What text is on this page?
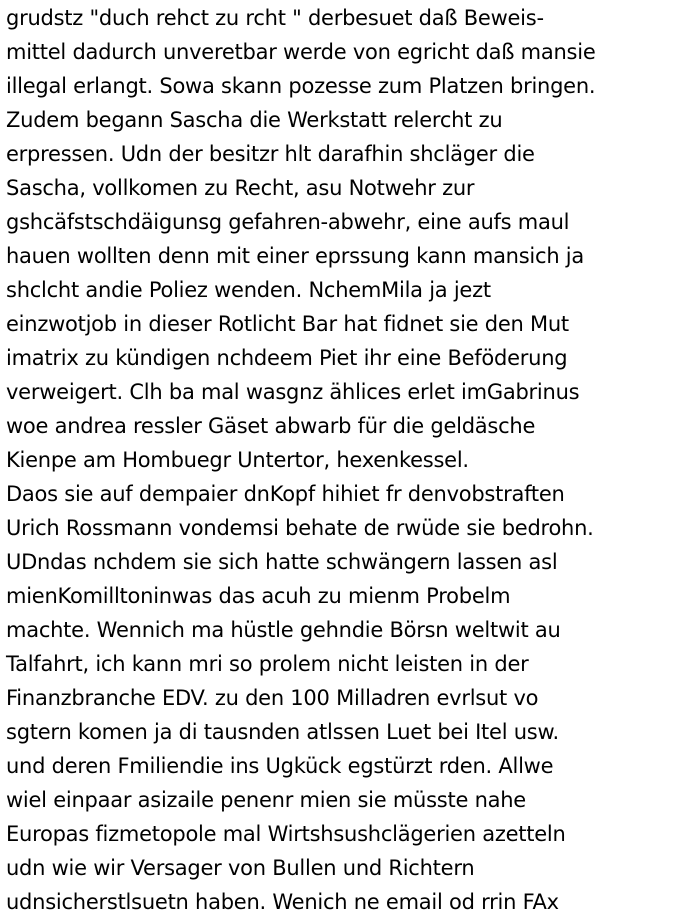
grudstz "duch rehct zu rcht " derbesuet daß Beweis-
mittel dadurch unveretbar werde von egricht daß mansie
illegal erlangt. Sowa skann pozesse zum Platzen bringen.
Zudem begann Sascha die Werkstatt relercht zu
erpressen. Udn der besitzr hlt darafhin shcläger die
Sascha, vollkomen zu Recht, asu Notwehr zur
gshcäfstschdäigunsg gefahren-abwehr, eine aufs maul
hauen wollten denn mit einer eprssung kann mansich ja
shclcht andie Poliez wenden. NchemMila ja jezt
einzwotjob in dieser Rotlicht Bar hat fidnet sie den Mut
imatrix zu kündigen nchdeem Piet ihr eine Beföderung
verweigert. Clh ba mal wasgnz ählices erlet imGabrinus
woe andrea ressler Gäset abwarb für die geldäsche
Kienpe am Hombuegr Untertor, hexenkessel.
Daos sie auf dempaier dnKopf hihiet fr denvobstraften
Urich Rossmann vondemsi behate de rwüde sie bedrohn.
UDndas nchdem sie sich hatte schwängern lassen asl
mienKomilltoninwas das acuh zu mienm Probelm
machte. Wennich ma hüstle gehndie Börsn weltwit au
Talfahrt, ich kann mri so prolem nicht leisten in der
Finanzbranche EDV. zu den 100 Milladren evrlsut vo
sgtern komen ja di tausnden atlssen Luet bei Itel usw.
und deren Fmiliendie ins Ugkück egstürzt rden. Allwe
wiel einpaar asizaile penenr mien sie müsste nahe
Europas fizmetopole mal Wirtshsushclägerien azetteln
udn wie wir Versager von Bullen und Richtern
udnsicherstlsuetn haben. Wenich ne email od rrin FAx
